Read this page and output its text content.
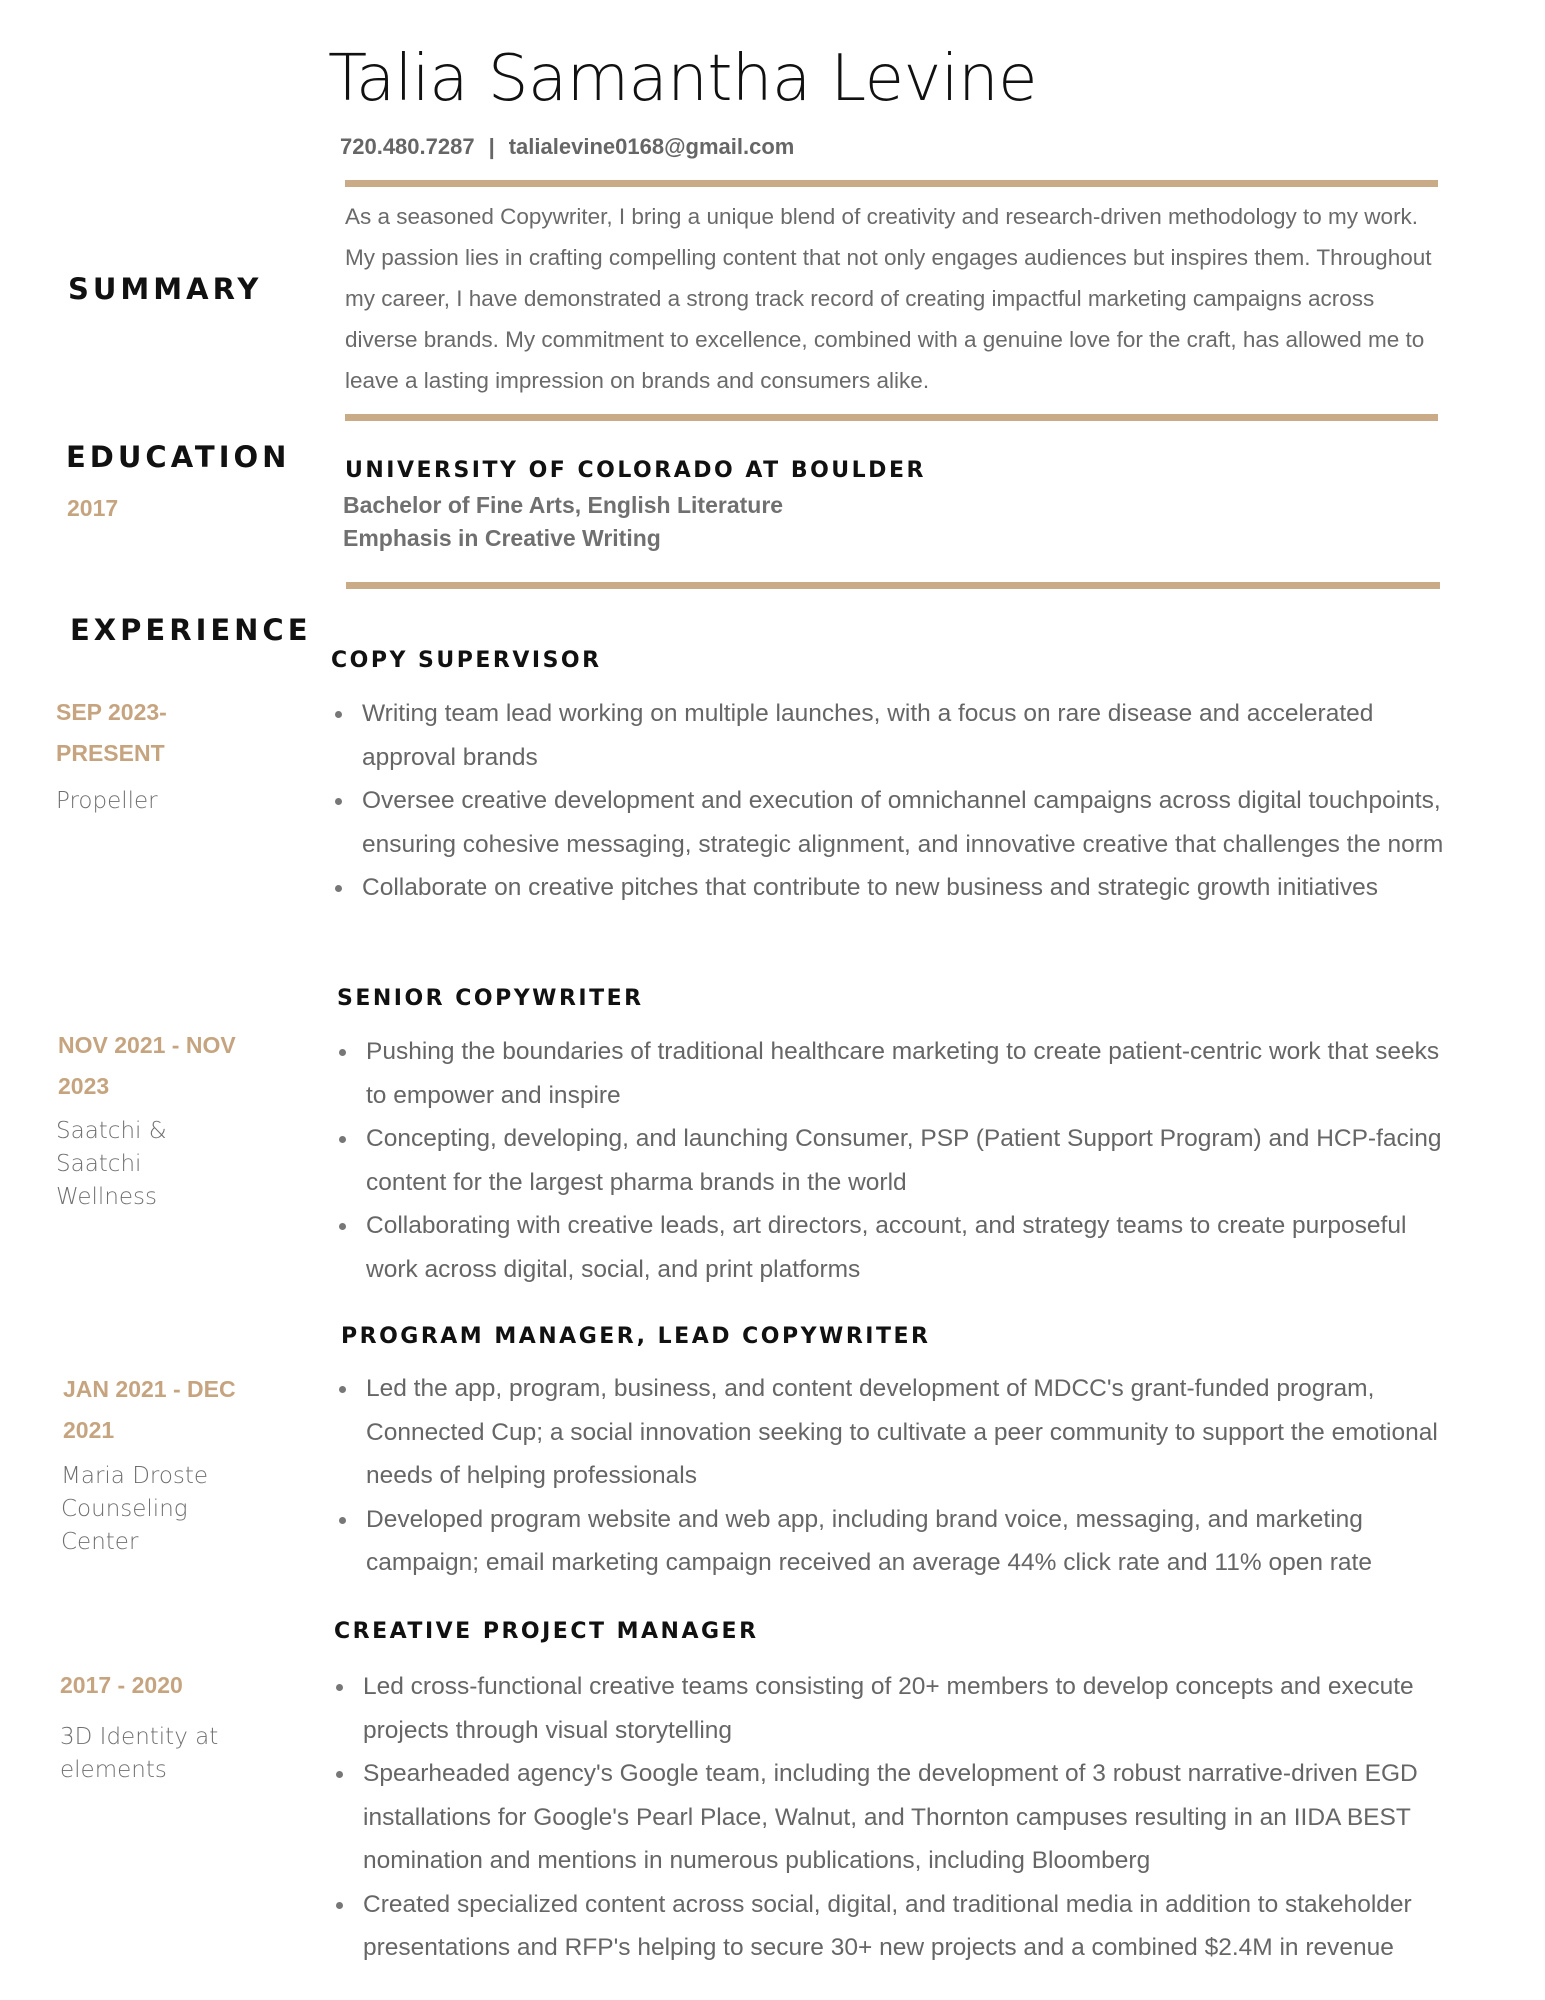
Talia Samantha Levine
720.480.7287 | talialevine0168@gmail.com
SUMMARY
As a seasoned Copywriter, I bring a unique blend of creativity and research-driven methodology to my work. My passion lies in crafting compelling content that not only engages audiences but inspires them. Throughout my career, I have demonstrated a strong track record of creating impactful marketing campaigns across diverse brands. My commitment to excellence, combined with a genuine love for the craft, has allowed me to leave a lasting impression on brands and consumers alike.
EDUCATION
2017
UNIVERSITY OF COLORADO AT BOULDER
Bachelor of Fine Arts, English Literature
Emphasis in Creative Writing
EXPERIENCE
COPY SUPERVISOR
SEP 2023-
PRESENT
Propeller
Writing team lead working on multiple launches, with a focus on rare disease and accelerated approval brands
Oversee creative development and execution of omnichannel campaigns across digital touchpoints, ensuring cohesive messaging, strategic alignment, and innovative creative that challenges the norm
Collaborate on creative pitches that contribute to new business and strategic growth initiatives
SENIOR COPYWRITER
NOV 2021 - NOV
2023
Saatchi &
Saatchi
Wellness
Pushing the boundaries of traditional healthcare marketing to create patient-centric work that seeks to empower and inspire
Concepting, developing, and launching Consumer, PSP (Patient Support Program) and HCP-facing content for the largest pharma brands in the world
Collaborating with creative leads, art directors, account, and strategy teams to create purposeful work across digital, social, and print platforms
PROGRAM MANAGER, LEAD COPYWRITER
JAN 2021 - DEC
2021
Maria Droste
Counseling
Center
Led the app, program, business, and content development of MDCC's grant-funded program, Connected Cup; a social innovation seeking to cultivate a peer community to support the emotional needs of helping professionals
Developed program website and web app, including brand voice, messaging, and marketing campaign; email marketing campaign received an average 44% click rate and 11% open rate
CREATIVE PROJECT MANAGER
2017 - 2020
3D Identity at
elements
Led cross-functional creative teams consisting of 20+ members to develop concepts and execute projects through visual storytelling
Spearheaded agency's Google team, including the development of 3 robust narrative-driven EGD installations for Google's Pearl Place, Walnut, and Thornton campuses resulting in an IIDA BEST nomination and mentions in numerous publications, including Bloomberg
Created specialized content across social, digital, and traditional media in addition to stakeholder presentations and RFP's helping to secure 30+ new projects and a combined $2.4M in revenue
